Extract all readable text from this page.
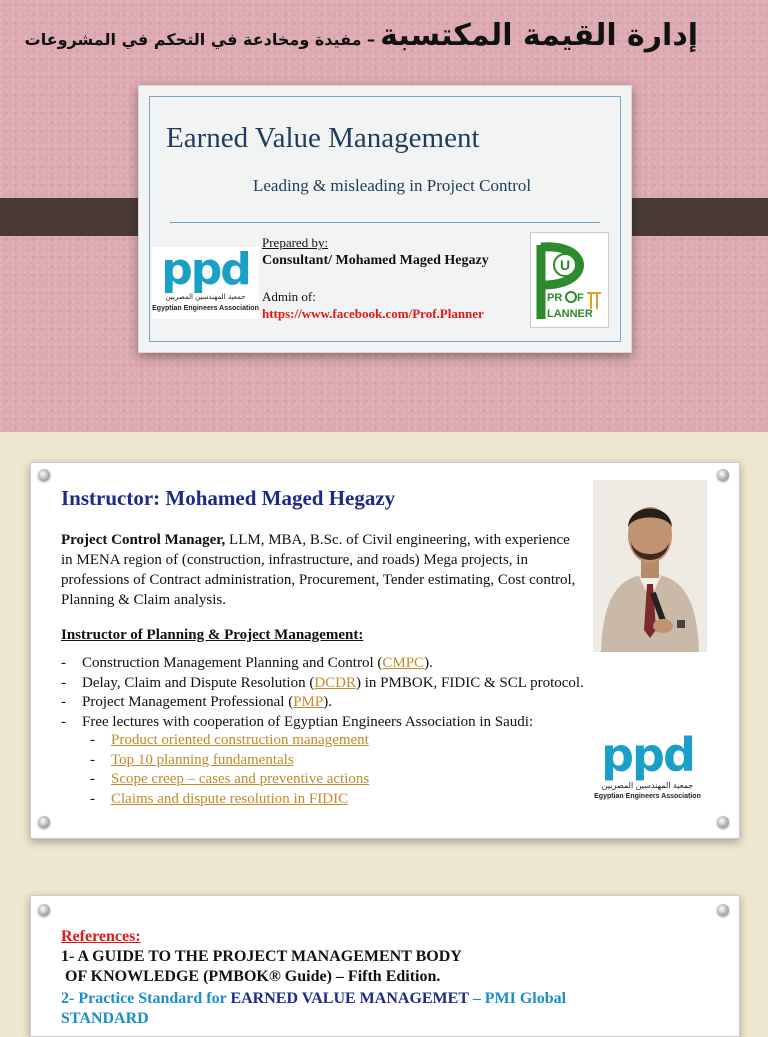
إدارة القيمة المكتسبة – مفيدة ومخادعة في التحكم في المشروعات
Earned Value Management
Leading & misleading in Project Control
ppd
جمعية المهندسين المصريين
Egyptian Engineers Association
Prepared by:
Consultant/ Mohamed Maged Hegazy
Admin of:
https://www.facebook.com/Prof.Planner
U
PR F
LANNER
Instructor: Mohamed Maged Hegazy
Project Control Manager, LLM, MBA, B.Sc. of Civil engineering, with experience in MENA region of (construction, infrastructure, and roads) Mega projects, in professions of Contract administration, Procurement, Tender estimating, Cost control, Planning & Claim analysis.
Instructor of Planning & Project Management:
- Construction Management Planning and Control (CMPC).
- Delay, Claim and Dispute Resolution (DCDR) in PMBOK, FIDIC & SCL protocol.
- Project Management Professional (PMP).
- Free lectures with cooperation of Egyptian Engineers Association in Saudi:
- Product oriented construction management
- Top 10 planning fundamentals
- Scope creep – cases and preventive actions
- Claims and dispute resolution in FIDIC
ppd
جمعية المهندسين المصريين
Egyptian Engineers Association
References:
1- A GUIDE TO THE PROJECT MANAGEMENT BODY
OF KNOWLEDGE (PMBOK® Guide) – Fifth Edition.
2- Practice Standard for EARNED VALUE MANAGEMET – PMI Global
STANDARD
